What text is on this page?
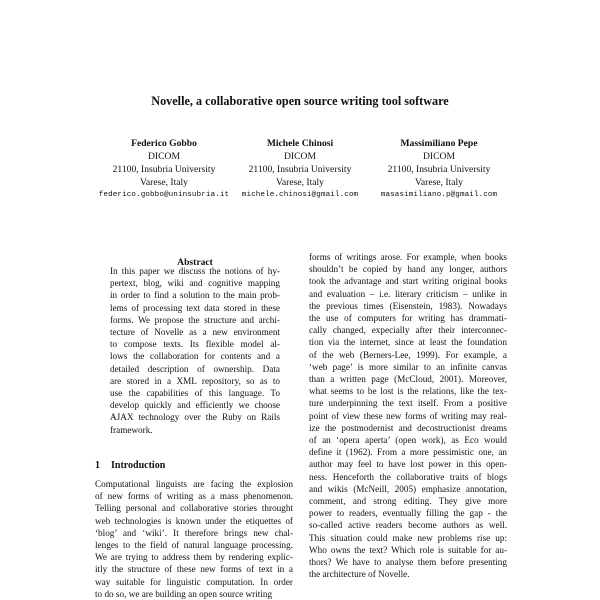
Novelle, a collaborative open source writing tool software
Federico Gobbo
DICOM
21100, Insubria University
Varese, Italy
federico.gobbo@uninsubria.it
Michele Chinosi
DICOM
21100, Insubria University
Varese, Italy
michele.chinosi@gmail.com
Massimiliano Pepe
DICOM
21100, Insubria University
Varese, Italy
masasimiliano.p@gmail.com
Abstract
In this paper we discuss the notions of hy-
pertext, blog, wiki and cognitive mapping
in order to find a solution to the main prob-
lems of processing text data stored in these
forms. We propose the structure and archi-
tecture of Novelle as a new environment
to compose texts. Its flexible model al-
lows the collaboration for contents and a
detailed description of ownership. Data
are stored in a XML repository, so as to
use the capabilities of this language. To
develop quickly and efficiently we choose
AJAX technology over the Ruby on Rails
framework.
1 Introduction
Computational linguists are facing the explosion
of new forms of writing as a mass phenomenon.
Telling personal and collaborative stories throught
web technologies is known under the etiquettes of
‘blog’ and ‘wiki’. It therefore brings new chal-
lenges to the field of natural language processing.
We are trying to address them by rendering explic-
itly the structure of these new forms of text in a
way suitable for linguistic computation. In order
to do so, we are building an open source writing
forms of writings arose. For example, when books
shouldn’t be copied by hand any longer, authors
took the advantage and start writing original books
and evaluation – i.e. literary criticism – unlike in
the previous times (Eisenstein, 1983). Nowadays
the use of computers for writing has drammati-
cally changed, expecially after their interconnec-
tion via the internet, since at least the foundation
of the web (Berners-Lee, 1999). For example, a
‘web page’ is more similar to an infinite canvas
than a written page (McCloud, 2001). Moreover,
what seems to be lost is the relations, like the tex-
ture underpinning the text itself. From a positive
point of view these new forms of writing may real-
ize the postmodernist and decostructionist dreams
of an ‘opera aperta’ (open work), as Eco would
define it (1962). From a more pessimistic one, an
author may feel to have lost power in this open-
ness. Henceforth the collaborative traits of blogs
and wikis (McNeill, 2005) emphasize annotation,
comment, and strong editing. They give more
power to readers, eventually filling the gap - the
so-called active readers become authors as well.
This situation could make new problems rise up:
Who owns the text? Which role is suitable for au-
thors? We have to analyse them before presenting
the architecture of Novelle.
